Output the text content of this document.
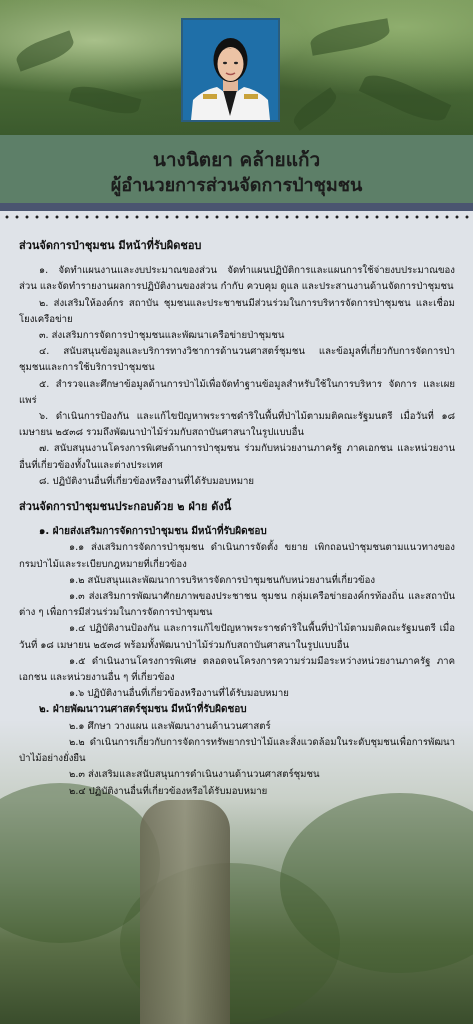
นางนิตยา คล้ายแก้ว
ผู้อำนวยการส่วนจัดการป่าชุมชน
ส่วนจัดการป่าชุมชน มีหน้าที่รับผิดชอบ
๑. จัดทำแผนงานและงบประมาณของส่วน จัดทำแผนปฏิบัติการและแผนการใช้จ่ายงบประมาณของส่วน และจัดทำรายงานผลการปฏิบัติงานของส่วน กำกับ ควบคุม ดูแล และประสานงานด้านจัดการป่าชุมชน
๒. ส่งเสริมให้องค์กร สถาบัน ชุมชนและประชาชนมีส่วนร่วมในการบริหารจัดการป่าชุมชน และเชื่อมโยงเครือข่าย
๓. ส่งเสริมการจัดการป่าชุมชนและพัฒนาเครือข่ายป่าชุมชน
๔. สนับสนุนข้อมูลและบริการทางวิชาการด้านวนศาสตร์ชุมชน และข้อมูลที่เกี่ยวกับการจัดการป่าชุมชนและการใช้บริการป่าชุมชน
๕. สำรวจและศึกษาข้อมูลด้านการป่าไม้เพื่อจัดทำฐานข้อมูลสำหรับใช้ในการบริหาร จัดการ และเผยแพร่
๖. ดำเนินการป้องกัน และแก้ไขปัญหาพระราชดำริในพื้นที่ป่าไม้ตามมติคณะรัฐมนตรี เมื่อวันที่ ๑๘ เมษายน ๒๕๓๘ รวมถึงพัฒนาป่าไม้ร่วมกับสถาบันศาสนาในรูปแบบอื่น
๗. สนับสนุนงานโครงการพิเศษด้านการป่าชุมชน ร่วมกับหน่วยงานภาครัฐ ภาคเอกชน และหน่วยงานอื่นที่เกี่ยวข้องทั้งในและต่างประเทศ
๘. ปฏิบัติงานอื่นที่เกี่ยวข้องหรืองานที่ได้รับมอบหมาย
ส่วนจัดการป่าชุมชนประกอบด้วย ๒ ฝ่าย ดังนี้
๑. ฝ่ายส่งเสริมการจัดการป่าชุมชน มีหน้าที่รับผิดชอบ
๑.๑ ส่งเสริมการจัดการป่าชุมชน ดำเนินการจัดตั้ง ขยาย เพิกถอนป่าชุมชนตามแนวทางของกรมป่าไม้และระเบียบกฎหมายที่เกี่ยวข้อง
๑.๒ สนับสนุนและพัฒนาการบริหารจัดการป่าชุมชนกับหน่วยงานที่เกี่ยวข้อง
๑.๓ ส่งเสริมการพัฒนาศักยภาพของประชาชน ชุมชน กลุ่มเครือข่ายองค์กรท้องถิ่น และสถาบันต่าง ๆ เพื่อการมีส่วนร่วมในการจัดการป่าชุมชน
๑.๔ ปฏิบัติงานป้องกัน และการแก้ไขปัญหาพระราชดำริในพื้นที่ป่าไม้ตามมติคณะรัฐมนตรี เมื่อวันที่ ๑๘ เมษายน ๒๕๓๘ พร้อมทั้งพัฒนาป่าไม้ร่วมกับสถาบันศาสนาในรูปแบบอื่น
๑.๕ ดำเนินงานโครงการพิเศษ ตลอดจนโครงการความร่วมมือระหว่างหน่วยงานภาครัฐ ภาคเอกชน และหน่วยงานอื่น ๆ ที่เกี่ยวข้อง
๑.๖ ปฏิบัติงานอื่นที่เกี่ยวข้องหรืองานที่ได้รับมอบหมาย
๒. ฝ่ายพัฒนาวนศาสตร์ชุมชน มีหน้าที่รับผิดชอบ
๒.๑ ศึกษา วางแผน และพัฒนางานด้านวนศาสตร์
๒.๒ ดำเนินการเกี่ยวกับการจัดการทรัพยากรป่าไม้และสิ่งแวดล้อมในระดับชุมชนเพื่อการพัฒนาป่าไม้อย่างยั่งยืน
๒.๓ ส่งเสริมและสนับสนุนการดำเนินงานด้านวนศาสตร์ชุมชน
๒.๔ ปฏิบัติงานอื่นที่เกี่ยวข้องหรือได้รับมอบหมาย
